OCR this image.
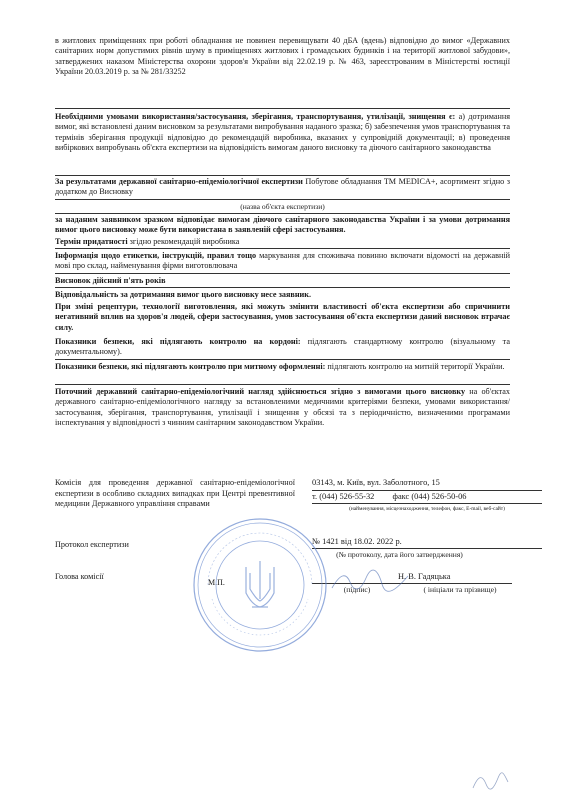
в житлових приміщеннях при роботі обладнання не повинен перевищувати 40 дБА (вдень) відповідно до вимог «Державних санітарних норм допустимих рівнів шуму в приміщеннях житлових і громадських будинків і на території житлової забудови», затверджених наказом Міністерства охорони здоров'я України від 22.02.19 р. № 463, зареєстрованим в Міністерстві юстиції України 20.03.2019 р. за № 281/33252
Необхідними умовами використання/застосування, зберігання, транспортування, утилізації, знищення є: а) дотримання вимог, які встановлені даним висновком за результатами випробування наданого зразка; б) забезпечення умов транспортування та термінів зберігання продукції відповідно до рекомендацій виробника, вказаних у супровідній документації; в) проведення вибіркових випробувань об'єкта експертизи на відповідність вимогам даного висновку та діючого санітарного законодавства
За результатами державної санітарно-епідеміологічної експертизи Побутове обладнання ТМ MEDICA+, асортимент згідно з додатком до Висновку
(назва об'єкта експертизи)
за наданим заявником зразком відповідає вимогам діючого санітарного законодавства України і за умови дотримання вимог цього висновку може бути використана в заявленій сфері застосування.
Термін придатності згідно рекомендацій виробника
Інформація щодо етикетки, інструкцій, правил тощо маркування для споживача повинно включати відомості на державній мові про склад, найменування фірми виготовлювача
Висновок дійсний п'ять років
Відповідальність за дотримання вимог цього висновку несе заявник.
При зміні рецептури, технології виготовлення, які можуть змінити властивості об'єкта експертизи або спричинити негативний вплив на здоров'я людей, сфери застосування, умов застосування об'єкта експертизи даний висновок втрачає силу.
Показники безпеки, які підлягають контролю на кордоні: підлягають стандартному контролю (візуальному та документальному).
Показники безпеки, які підлягають контролю при митному оформленні: підлягають контролю на митній території України.
Поточний державний санітарно-епідеміологічний нагляд здійснюється згідно з вимогами цього висновку на об'єктах державного санітарно-епідеміологічного нагляду за встановленими медичними критеріями безпеки, умовами використання/застосування, зберігання, транспортування, утилізації і знищення у обсязі та з періодичністю, визначеними програмами інспектування у відповідності з чинним санітарним законодавством України.
Комісія для проведення державної санітарно-епідеміологічної експертизи в особливо складних випадках при Центрі превентивної медицини Державного управління справами
03143, м. Київ, вул. Заболотного, 15
т. (044) 526-55-32 факс (044) 526-50-06
(найменування, місцезнаходження, телефон, факс, E-mail, веб-сайт)
Протокол експертизи	№ 1421 від 18.02. 2022 р.
(№ протоколу, дата його затвердження)
Голова комісії
М.П.
Н. В. Гадяцька
(підпис)	( ініціали та прізвище)
